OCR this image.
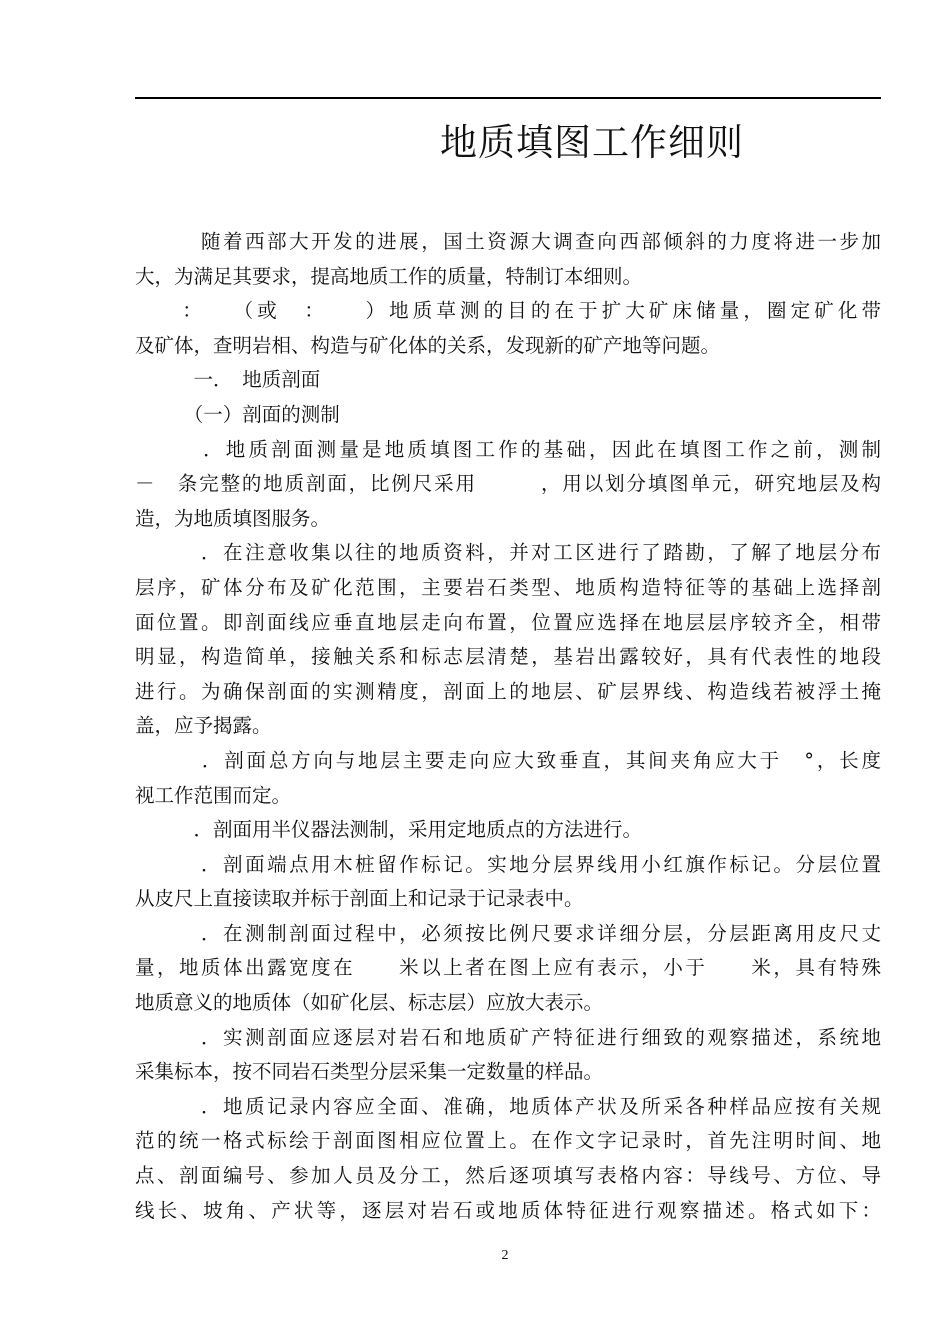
地质填图工作细则
　　　随着西部大开发的进展，国土资源大调查向西部倾斜的力度将进一步加
大，为满足其要求，提高地质工作的质量，特制订本细则。
　　：　　（或　：　　）地质草测的目的在于扩大矿床储量，圈定矿化带
及矿体，查明岩相、构造与矿化体的关系，发现新的矿产地等问题。
　　　一．　地质剖面
　　　（一）剖面的测制
　　　．地质剖面测量是地质填图工作的基础，因此在填图工作之前，测制
－　条完整的地质剖面，比例尺采用　　　，用以划分填图单元，研究地层及构
造，为地质填图服务。
　　　．在注意收集以往的地质资料，并对工区进行了踏勘，了解了地层分布
层序，矿体分布及矿化范围，主要岩石类型、地质构造特征等的基础上选择剖
面位置。即剖面线应垂直地层走向布置，位置应选择在地层层序较齐全，相带
明显，构造简单，接触关系和标志层清楚，基岩出露较好，具有代表性的地段
进行。为确保剖面的实测精度，剖面上的地层、矿层界线、构造线若被浮土掩
盖，应予揭露。
　　　．剖面总方向与地层主要走向应大致垂直，其间夹角应大于　°，长度
视工作范围而定。
　　　．剖面用半仪器法测制，采用定地质点的方法进行。
　　　．剖面端点用木桩留作标记。实地分层界线用小红旗作标记。分层位置
从皮尺上直接读取并标于剖面上和记录于记录表中。
　　　．在测制剖面过程中，必须按比例尺要求详细分层，分层距离用皮尺丈
量，地质体出露宽度在　　米以上者在图上应有表示，小于　　米，具有特殊
地质意义的地质体（如矿化层、标志层）应放大表示。
　　　．实测剖面应逐层对岩石和地质矿产特征进行细致的观察描述，系统地
采集标本，按不同岩石类型分层采集一定数量的样品。
　　　．地质记录内容应全面、准确，地质体产状及所采各种样品应按有关规
范的统一格式标绘于剖面图相应位置上。在作文字记录时，首先注明时间、地
点、剖面编号、参加人员及分工，然后逐项填写表格内容：导线号、方位、导
线长、坡角、产状等，逐层对岩石或地质体特征进行观察描述。格式如下：
2
